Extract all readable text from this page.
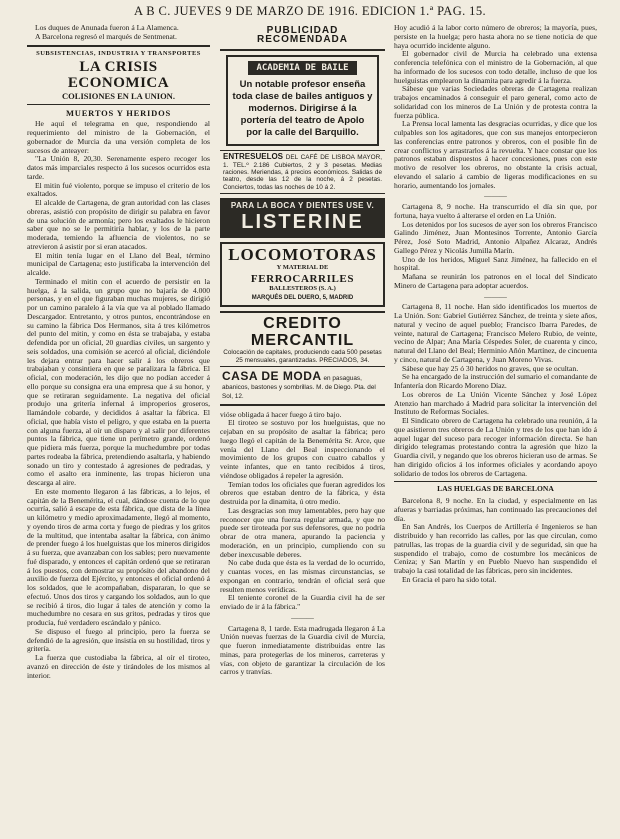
A B C. JUEVES 9 DE MARZO DE 1916. EDICION 1.ª PAG. 15.

Los duques de Anunada fueron á La Alamenca.

A Barcelona regresó el marqués de Sentmenat.

SUBSISTENCIAS, INDUSTRIA Y TRANSPORTES
LA CRISIS ECONOMICA
COLISIONES EN LA UNION.
MUERTOS Y HERIDOS

He aquí el telegrama en que, respondiendo al requerimiento del ministro de la Gobernación, el gobernador de Murcia da una versión completa de los sucesos de anteayer:

"La Unión 8, 20,30. Serenamente espero recoger los datos más imparciales respecto á los sucesos ocurridos esta tarde.

El mitin fué violento, porque se impuso el criterio de los exaltados.

El alcalde de Cartagena, de gran autoridad con las clases obreras, asistió con propósito de dirigir su palabra en favor de una solución de armonía; pero los exaltados le hicieron saber que no se le permitiría hablar, y los de la parte moderada, temiendo la afluencia de violentos, no se atrevieron á asistir por si eran atacados.

El mitin tenía lugar en el Llano del Beal, término municipal de Cartagena; esto justificaba la intervención del alcalde.

Terminado el mitin con el acuerdo de persistir en la huelga, á la salida, un grupo que no bajaría de 4.000 personas, y en el que figuraban muchas mujeres, se dirigió por un camino paralelo á la vía que va al poblado llamado Descargador. Entretanto, y otros puntos, encontrándose en su camino la fábrica Dos Hermanos, sita á tres kilómetros del punto del mitin, y como en ésta se trabajaba, y estaba defendida por un oficial, 20 guardias civiles, un sargento y seis soldados, una comisión se acercó al oficial, diciéndole les dejara entrar para hacer salir á los obreros que trabajaban y consintiera en que se paralizara la fábrica. El oficial, con moderación, les dijo que no podían acceder á ello porque su consigna era una empresa que á su honor, y que se retiraran seguidamente. La negativa del oficial produjo una gritería infernal á improperios groseros, llamándole cobarde, y decididos á asaltar la fábrica. El oficial, que había visto el peligro, y que estaba en la puerta con alguna fuerza, al oír un disparo y al salir por diferentes puntos la fábrica, que tiene un perímetro grande, ordenó que pidiera más fuerza, porque la muchedumbre por todas partes rodeaba la fábrica, pretendiendo asaltarla, y habiendo sonado un tiro y contestado á agresiones de pedradas, y como el asalto era inminente, las tropas hicieron una descarga al aire.

En este momento llegaron á las fábricas, a lo lejos, el capitán de la Benemérita, el cual, dándose cuenta de lo que ocurría, salió á escape de esta fábrica, que dista de la línea un kilómetro y medio aproximadamente, llegó al momento, y oyendo tiros de arma corta y fuego de piedras y los gritos de la multitud, que intentaba asaltar la fábrica, con ánimo de prender fuego á los huelguistas que los mineros dirigidos á su fuerza, que avanzaban con los sables; pero nuevamente fué disparado, y entonces el capitán ordenó que se retiraran á los puestos, con demostrar su propósito del abandono del auxilio de fuerza del Ejército, y entonces el oficial ordenó á los soldados, que le acompañaban, dispararan, lo que se efectuó. Unos dos tiros y cargando los soldados, aun lo que se recibió á tiros, dio lugar á tales de atención y como la muchedumbre no cesara en sus gritos, pedradas y tiros que producía, fué verdadero escándalo y pánico.

Se dispuso el fuego al principio, pero la fuerza se defendió de la agresión, que insistía en su hostilidad, tiros y gritería.

La fuerza que custodiaba la fábrica, al oír el tiroteo, avanzó en dirección de éste y tirándoles de los mismos al interior.

PUBLICIDAD RECOMENDADA
ACADEMIA DE BAILE
Un notable profesor enseña toda clase de bailes antiguos y modernos. Dirigirse á la portería del teatro de Apolo por la calle del Barquillo.
ENTRESUELOS DEL CAFÉ DE LISBOA MAYOR, 1. TEL.º 2.186 Cubiertos, 2 y 3 pesetas. Medias raciones. Meriendas, á precios económicos. Salidas de teatro, desde las 12 de la noche, á 2 pesetas. Conciertos, todas las noches de 10 á 2.
PARA LA BOCA Y DIENTES USE V.
LISTERINE
LOCOMOTORAS
Y MATERIAL DE
FERROCARRILES
BALLESTEROS (S. A.)
MARQUÉS DEL DUERO, 5, MADRID
CREDITO MERCANTIL
Colocación de capitales, produciendo cada 500 pesetas 25 mensuales, garantizadas. PRECIADOS, 34.
CASA DE MODA en pasaguas, abanicos, bastones y sombrillas. M. de Diego. Pta. del Sol, 12.

vióse obligada á hacer fuego á tiro bajo.

El tiroteo se sostuvo por los huelguistas, que no cejaban en su propósito de asaltar la fábrica; pero luego llegó el capitán de la Benemérita Sr. Arce, que venía del Llano del Beal inspeccionando el movimiento de los grupos con cuatro caballos y veinte infantes, que en tanto recibidos á tiros, viéndose obligados á repeler la agresión.

Temían todos los oficiales que fueran agredidos los obreros que estaban dentro de la fábrica, y ésta destruida por la dinamita, ú otro medio.

Las desgracias son muy lamentables, pero hay que reconocer que una fuerza regular armada, y que no puede ser tiroteada por sus defensores, que no podría obrar de otra manera, apurando la paciencia y moderación, en un principio, cumpliendo con su deber inexcusable deberes.

No cabe duda que ésta es la verdad de lo ocurrido, y cuantas voces, en las mismas circunstancias, se expongan en contrario, tendrán el oficial será que resulten menos verídicas.

El teniente coronel de la Guardia civil ha de ser enviado de ir á la fábrica."

———

Cartagena 8, 1 tarde. Esta madrugada llegaron á La Unión nuevas fuerzas de la Guardia civil de Murcia, que fueron inmediatamente distribuidas entre las minas, para protegerlas de los mineros, carreteras y vías, con objeto de garantizar la circulación de los carros y tranvías.

Hoy acudió á la labor corto número de obreros; la mayoría, pues, persiste en la huelga; pero hasta ahora no se tiene noticia de que haya ocurrido incidente alguno.

El gobernador civil de Murcia ha celebrado una extensa conferencia telefónica con el ministro de la Gobernación, al que ha informado de los sucesos con todo detalle, incluso de que los huelguistas emplearon la dinamita para agredir á la fuerza.

Sábese que varias Sociedades obreras de Cartagena realizan trabajos encaminados á conseguir el paro general, como acto de solidaridad con los mineros de La Unión y de protesta contra la fuerza pública.

La Prensa local lamenta las desgracias ocurridas, y dice que los culpables son los agitadores, que con sus manejos entorpecieron las conferencias entre patronos y obreros, con el posible fin de crear conflictos y arrastrarlos á la revuelta. Y hace constar que los patronos estaban dispuestos á hacer concesiones, pues con este motivo de resolver los obreros, no obstante la crisis actual, elevando el salario á cambio de ligeras modificaciones en su horario, aumentando los jornales.

———

Cartagena 8, 9 noche. Ha transcurrido el día sin que, por fortuna, haya vuelto á alterarse el orden en La Unión.

Los detenidos por los sucesos de ayer son los obreros Francisco Galindo Jiménez, Juan Montesinos Torrente, Antonio García Pérez, José Soto Madrid, Antonio Alpañez Alcaraz, Andrés Gallego Pérez y Nicolás Jumilla Marín.

Uno de los heridos, Miguel Sanz Jiménez, ha fallecido en el hospital.

Mañana se reunirán los patronos en el local del Sindicato Minero de Cartagena para adoptar acuerdos.

———

Cartagena 8, 11 noche. Han sido identificados los muertos de La Unión. Son: Gabriel Gutiérrez Sánchez, de treinta y siete años, natural y vecino de aquel pueblo; Francisco Ibarra Paredes, de veinte, natural de Cartagena; Francisco Melero Rubio, de veinte, vecino de Alpar; Ana María Céspedes Soler, de cuarenta y cinco, natural del Llano del Beal; Herminio Añón Martínez, de cincuenta y cinco, natural de Cartagena, y Juan Moreno Vivas.

Sábese que hay 25 ó 30 heridos no graves, que se ocultan.

Se ha encargado de la instrucción del sumario el comandante de Infantería don Ricardo Moreno Díaz.

Los obreros de La Unión Vicente Sánchez y José López Atenzio han marchado á Madrid para solicitar la intervención del Instituto de Reformas Sociales.

El Sindicato obrero de Cartagena ha celebrado una reunión, á la que asistieron tres obreros de La Unión y tres de los que han ido á aquel lugar del suceso para recoger información directa. Se han dirigido telegramas protestando contra la agresión que hizo la Guardia civil, y negando que los obreros hicieran uso de armas. Se han dirigido oficios á los informes oficiales y acordando apoyo solidario de todos los obreros de Cartagena.

LAS HUELGAS DE BARCELONA

Barcelona 8, 9 noche. En la ciudad, y especialmente en las afueras y barriadas próximas, han continuado las precauciones del día.

En San Andrés, los Cuerpos de Artillería é Ingenieros se han distribuido y han recorrido las calles, por las que circulan, como patrullas, las tropas de la guardia civil y de seguridad, sin que ha suspendido el trabajo, como de costumbre los mecánicos de Ceniza; y San Martín y en Pueblo Nuevo han suspendido el trabajo la casi totalidad de las fábricas, pero sin incidentes.

En Gracia el paro ha sido total.
